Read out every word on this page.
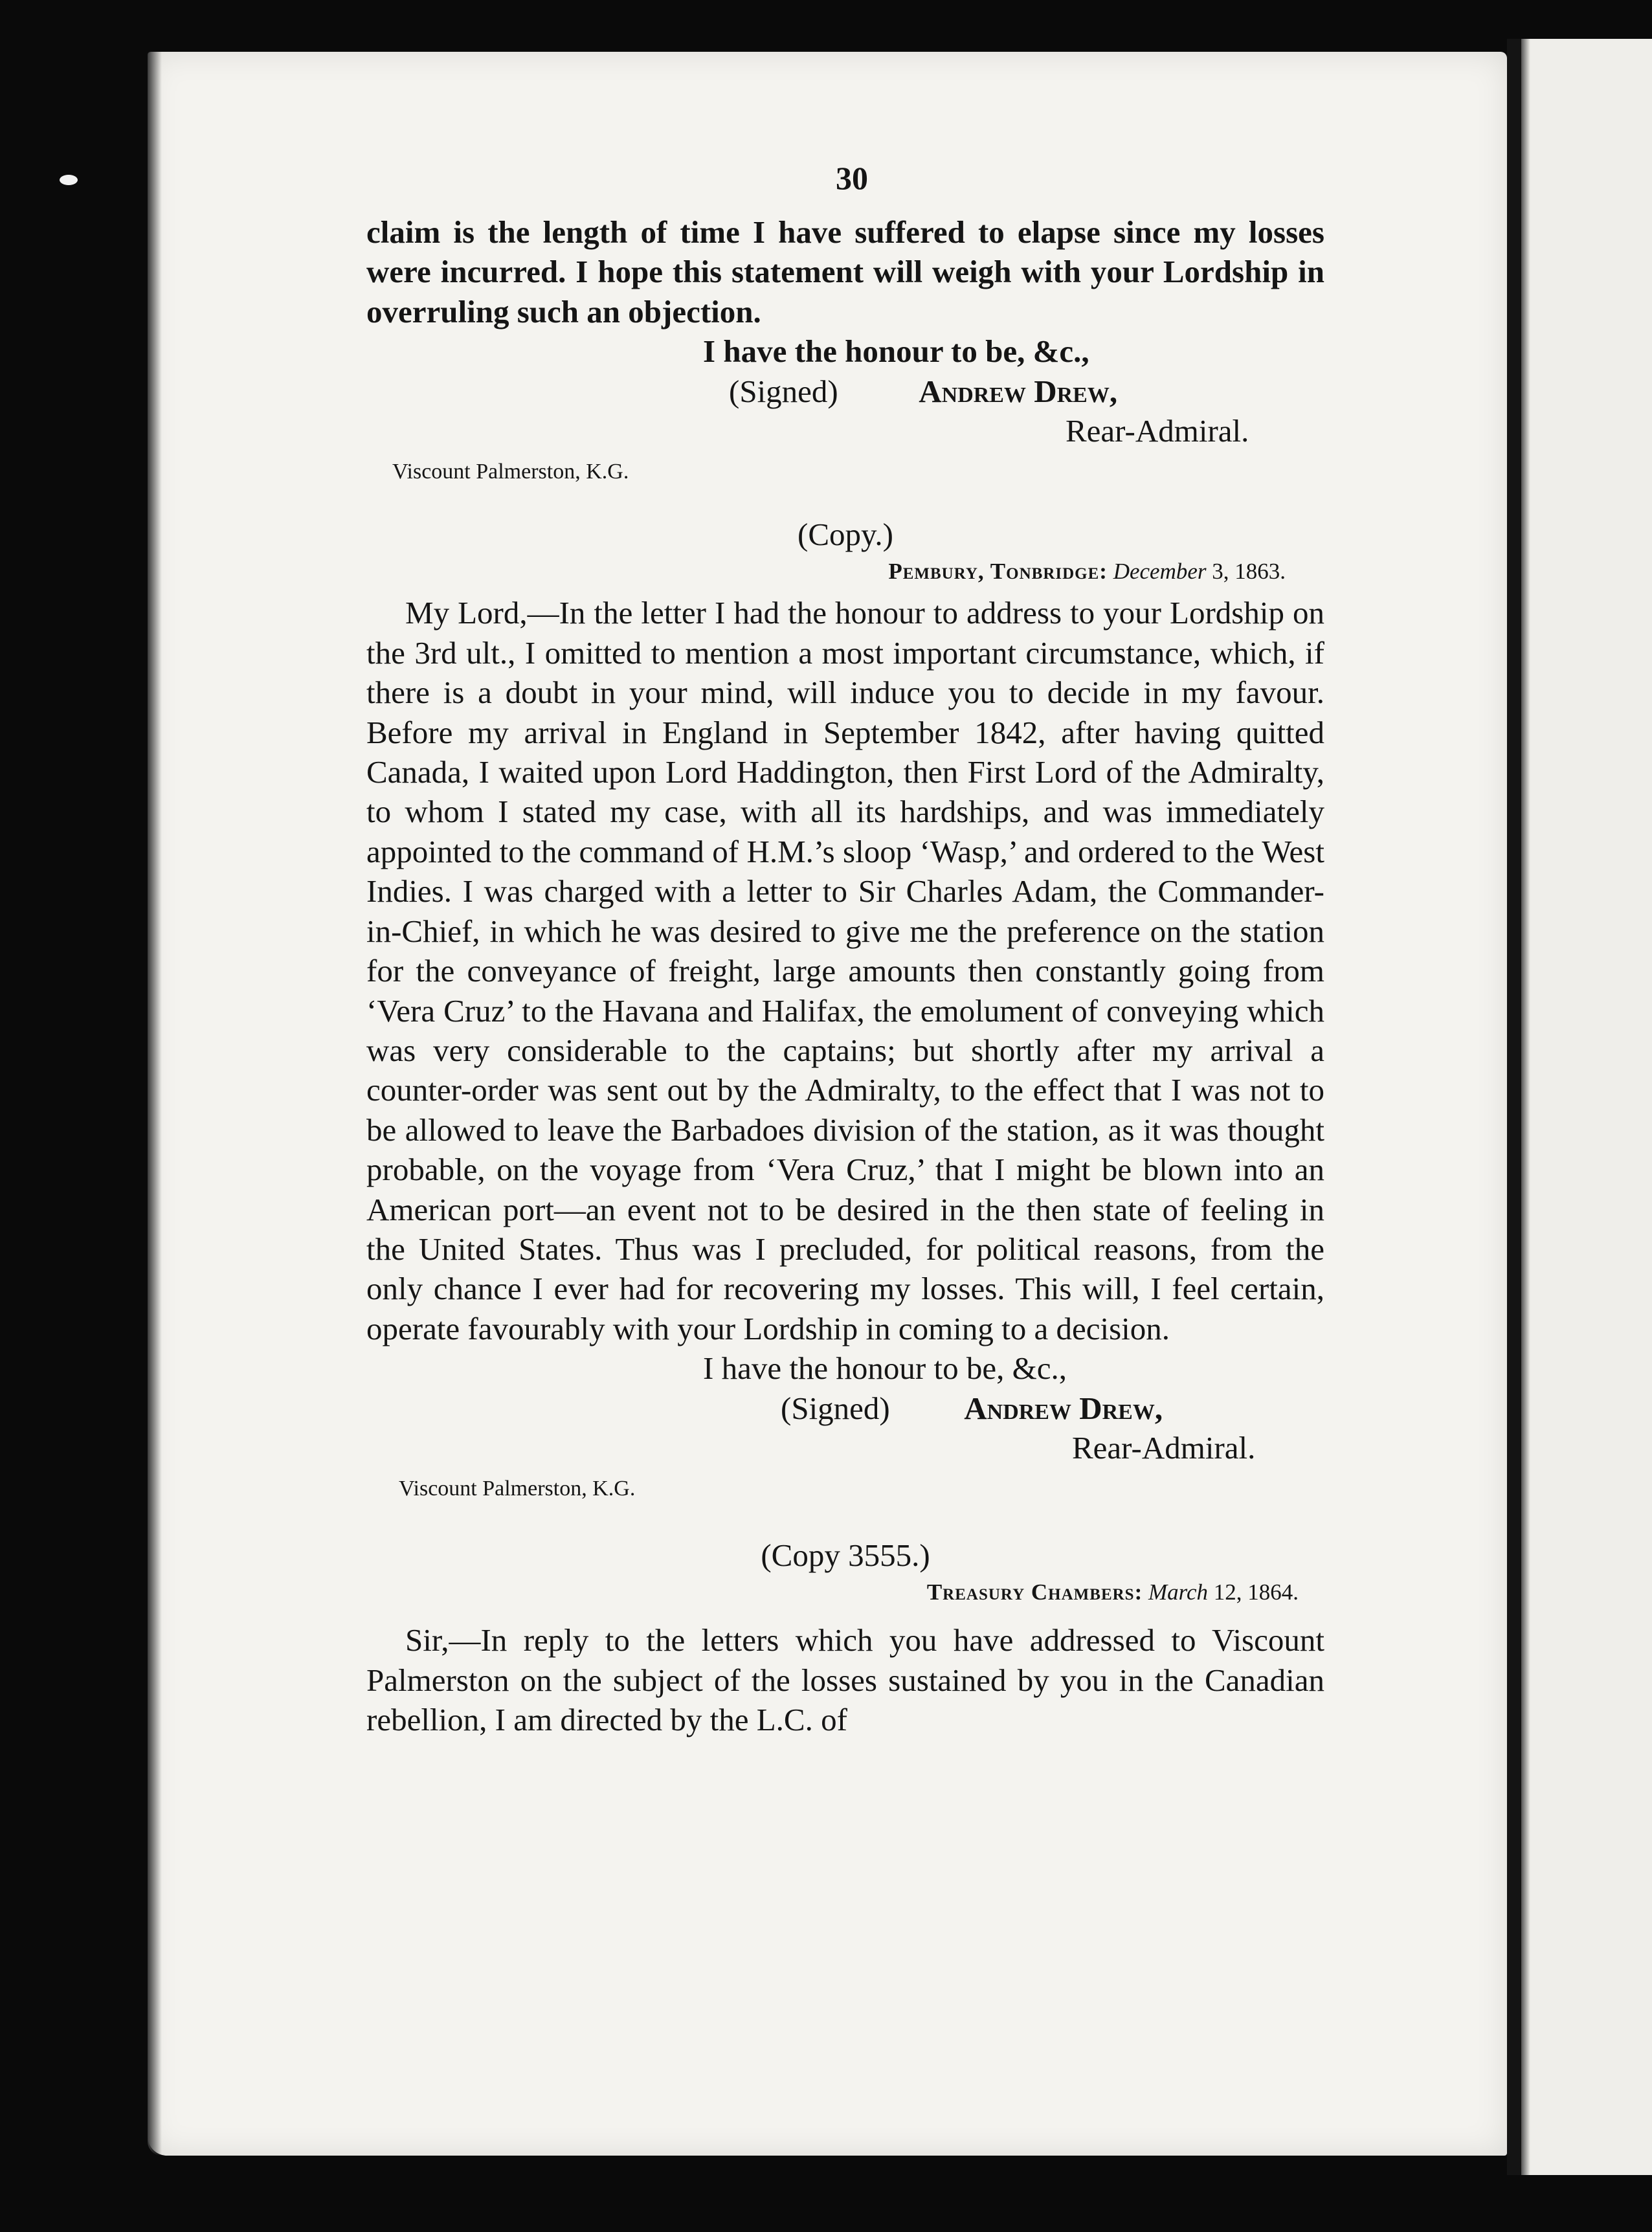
30

claim is the length of time I have suffered to elapse since my losses were incurred. I hope this statement will weigh with your Lordship in overruling such an objection.

I have the honour to be, &c.,

(Signed)	Andrew Drew,

Rear-Admiral.

Viscount Palmerston, K.G.

(Copy.)

Pembury, Tonbridge: December 3, 1863.

My Lord,—In the letter I had the honour to address to your Lordship on the 3rd ult., I omitted to mention a most important circumstance, which, if there is a doubt in your mind, will induce you to decide in my favour. Before my arrival in England in September 1842, after having quitted Canada, I waited upon Lord Haddington, then First Lord of the Admiralty, to whom I stated my case, with all its hardships, and was immediately appointed to the command of H.M.’s sloop ‘Wasp,’ and ordered to the West Indies. I was charged with a letter to Sir Charles Adam, the Commander-in-Chief, in which he was desired to give me the preference on the station for the conveyance of freight, large amounts then constantly going from ‘Vera Cruz’ to the Havana and Halifax, the emolument of conveying which was very considerable to the captains; but shortly after my arrival a counter-order was sent out by the Admiralty, to the effect that I was not to be allowed to leave the Barbadoes division of the station, as it was thought probable, on the voyage from ‘Vera Cruz,’ that I might be blown into an American port—an event not to be desired in the then state of feeling in the United States. Thus was I precluded, for political reasons, from the only chance I ever had for recovering my losses. This will, I feel certain, operate favourably with your Lordship in coming to a decision.

I have the honour to be, &c.,

(Signed) Andrew Drew,

Rear-Admiral.

Viscount Palmerston, K.G.

(Copy 3555.)

Treasury Chambers: March 12, 1864.

Sir,—In reply to the letters which you have addressed to Viscount Palmerston on the subject of the losses sustained by you in the Canadian rebellion, I am directed by the L.C. of
